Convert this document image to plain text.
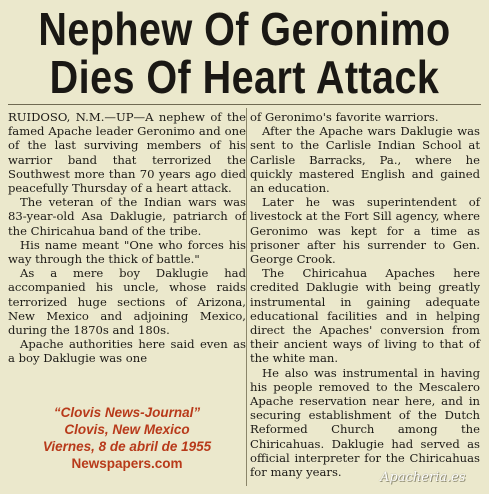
Nephew Of Geronimo
Dies Of Heart Attack

RUIDOSO, N.M.—UP—A nephew of the famed Apache leader Geronimo and one of the last surviving members of his warrior band that terrorized the Southwest more than 70 years ago died peacefully Thursday of a heart attack.

The veteran of the Indian wars was 83-year-old Asa Daklugie, patriarch of the Chiricahua band of the tribe.

His name meant "One who forces his way through the thick of battle."

As a mere boy Daklugie had accompanied his uncle, whose raids terrorized huge sections of Arizona, New Mexico and adjoining Mexico, during the 1870s and 180s.

Apache authorities here said even as a boy Daklugie was one

of Geronimo's favorite warriors.

After the Apache wars Daklugie was sent to the Carlisle Indian School at Carlisle Barracks, Pa., where he quickly mastered English and gained an education.

Later he was superintendent of livestock at the Fort Sill agency, where Geronimo was kept for a time as prisoner after his surrender to Gen. George Crook.

The Chiricahua Apaches here credited Daklugie with being greatly instrumental in gaining adequate educational facilities and in helping direct the Apaches' conversion from their ancient ways of living to that of the white man.

He also was instrumental in having his people removed to the Mescalero Apache reservation near here, and in securing establishment of the Dutch Reformed Church among the Chiricahuas. Daklugie had served as official interpreter for the Chiricahuas for many years.

“Clovis News-Journal”
Clovis, New Mexico
Viernes, 8 de abril de 1955
Newspapers.com
Apacheria.es
